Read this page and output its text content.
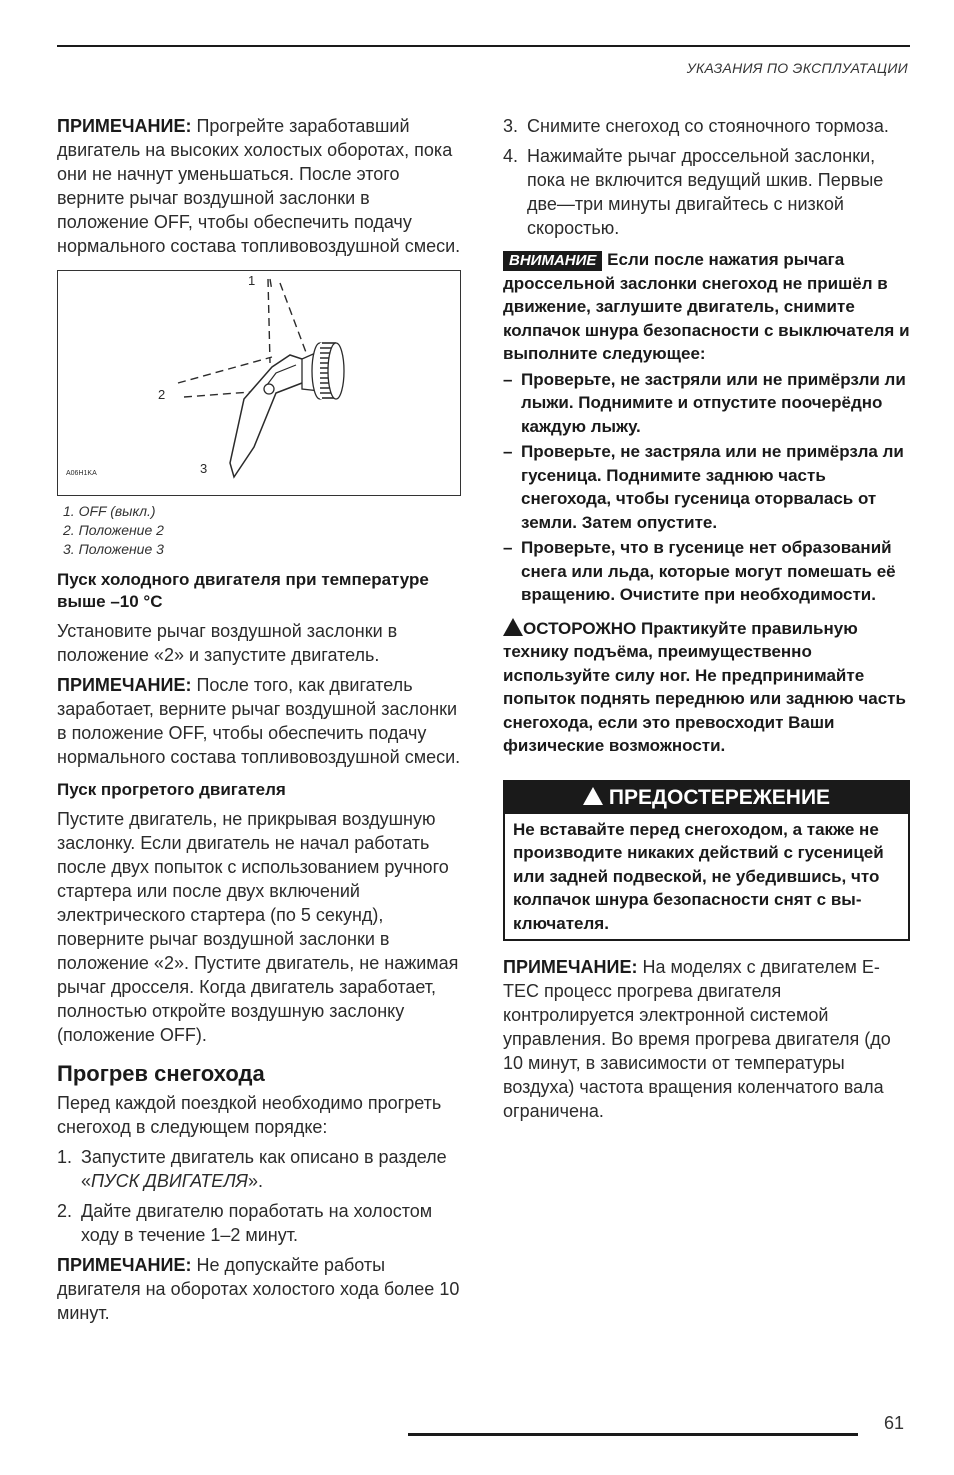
УКАЗАНИЯ ПО ЭКСПЛУАТАЦИИ

ПРИМЕЧАНИЕ: Прогрейте заработавший двигатель на высоких холостых оборотах, пока они не начнут уменьшаться. После этого верните рычаг воздушной заслонки в положение OFF, чтобы обеспечить подачу нормального состава топливовоздушной смеси.

1
2
3
A06H1KA
1. OFF (выкл.)
2. Положение 2
3. Положение 3
Пуск холодного двигателя при температуре выше –10 °С

Установите рычаг воздушной заслонки в положение «2» и запустите двигатель.

ПРИМЕЧАНИЕ: После того, как двигатель заработает, верните рычаг воздушной заслонки в положение OFF, чтобы обеспечить подачу нормального состава топливовоздушной смеси.

Пуск прогретого двигателя

Пустите двигатель, не прикрывая воздушную заслонку. Если двигатель не начал работать после двух попыток с использованием ручного стартера или после двух включений электрического стартера (по 5 секунд), поверните рычаг воздушной заслонки в положение «2». Пустите двигатель, не нажимая рычаг дросселя. Когда двигатель заработает, полностью откройте воздушную заслонку (положение OFF).

Прогрев снегохода

Перед каждой поездкой необходимо прогреть снегоход в следующем порядке:

1. Запустите двигатель как описано в разделе «ПУСК ДВИГАТЕЛЯ».
2. Дайте двигателю поработать на холостом ходу в течение 1–2 минут.

ПРИМЕЧАНИЕ: Не допускайте работы двигателя на оборотах холостого хода более 10 минут.

3. Снимите снегоход со стояночного тормоза.
4. Нажимайте рычаг дроссельной заслонки, пока не включится ведущий шкив. Первые две—три минуты двигайтесь с низкой скоростью.
ВНИМАНИЕ Если после нажатия рычага дроссельной заслонки снегоход не пришёл в движение, заглушите двигатель, снимите колпачок шнура безопасности с выключателя и выполните следующее:
– Проверьте, не застряли или не примёрзли ли лыжи. Поднимите и отпустите поочерёдно каждую лыжу.
– Проверьте, не застряла или не примёрзла ли гусеница. Поднимите заднюю часть снегохода, чтобы гусеница оторвалась от земли. Затем опустите.
– Проверьте, что в гусенице нет образований снега или льда, которые могут помешать её вращению. Очистите при необходимости.
ОСТОРОЖНО Практикуйте правильную технику подъёма, преимущественно используйте силу ног. Не предпринимайте попыток поднять переднюю или заднюю часть снегохода, если это превосходит Ваши физические возможности.
ПРЕДОСТЕРЕЖЕНИЕ
Не вставайте перед снегоходом, а также не производите никаких действий с гусеницей или задней подвеской, не убедившись, что колпачок шнура безопасности снят с выключателя.

ПРИМЕЧАНИЕ: На моделях с двигателем E-TEC процесс прогрева двигателя контролируется электронной системой управления. Во время прогрева двигателя (до 10 минут, в зависимости от температуры воздуха) частота вращения коленчатого вала ограничена.

61
